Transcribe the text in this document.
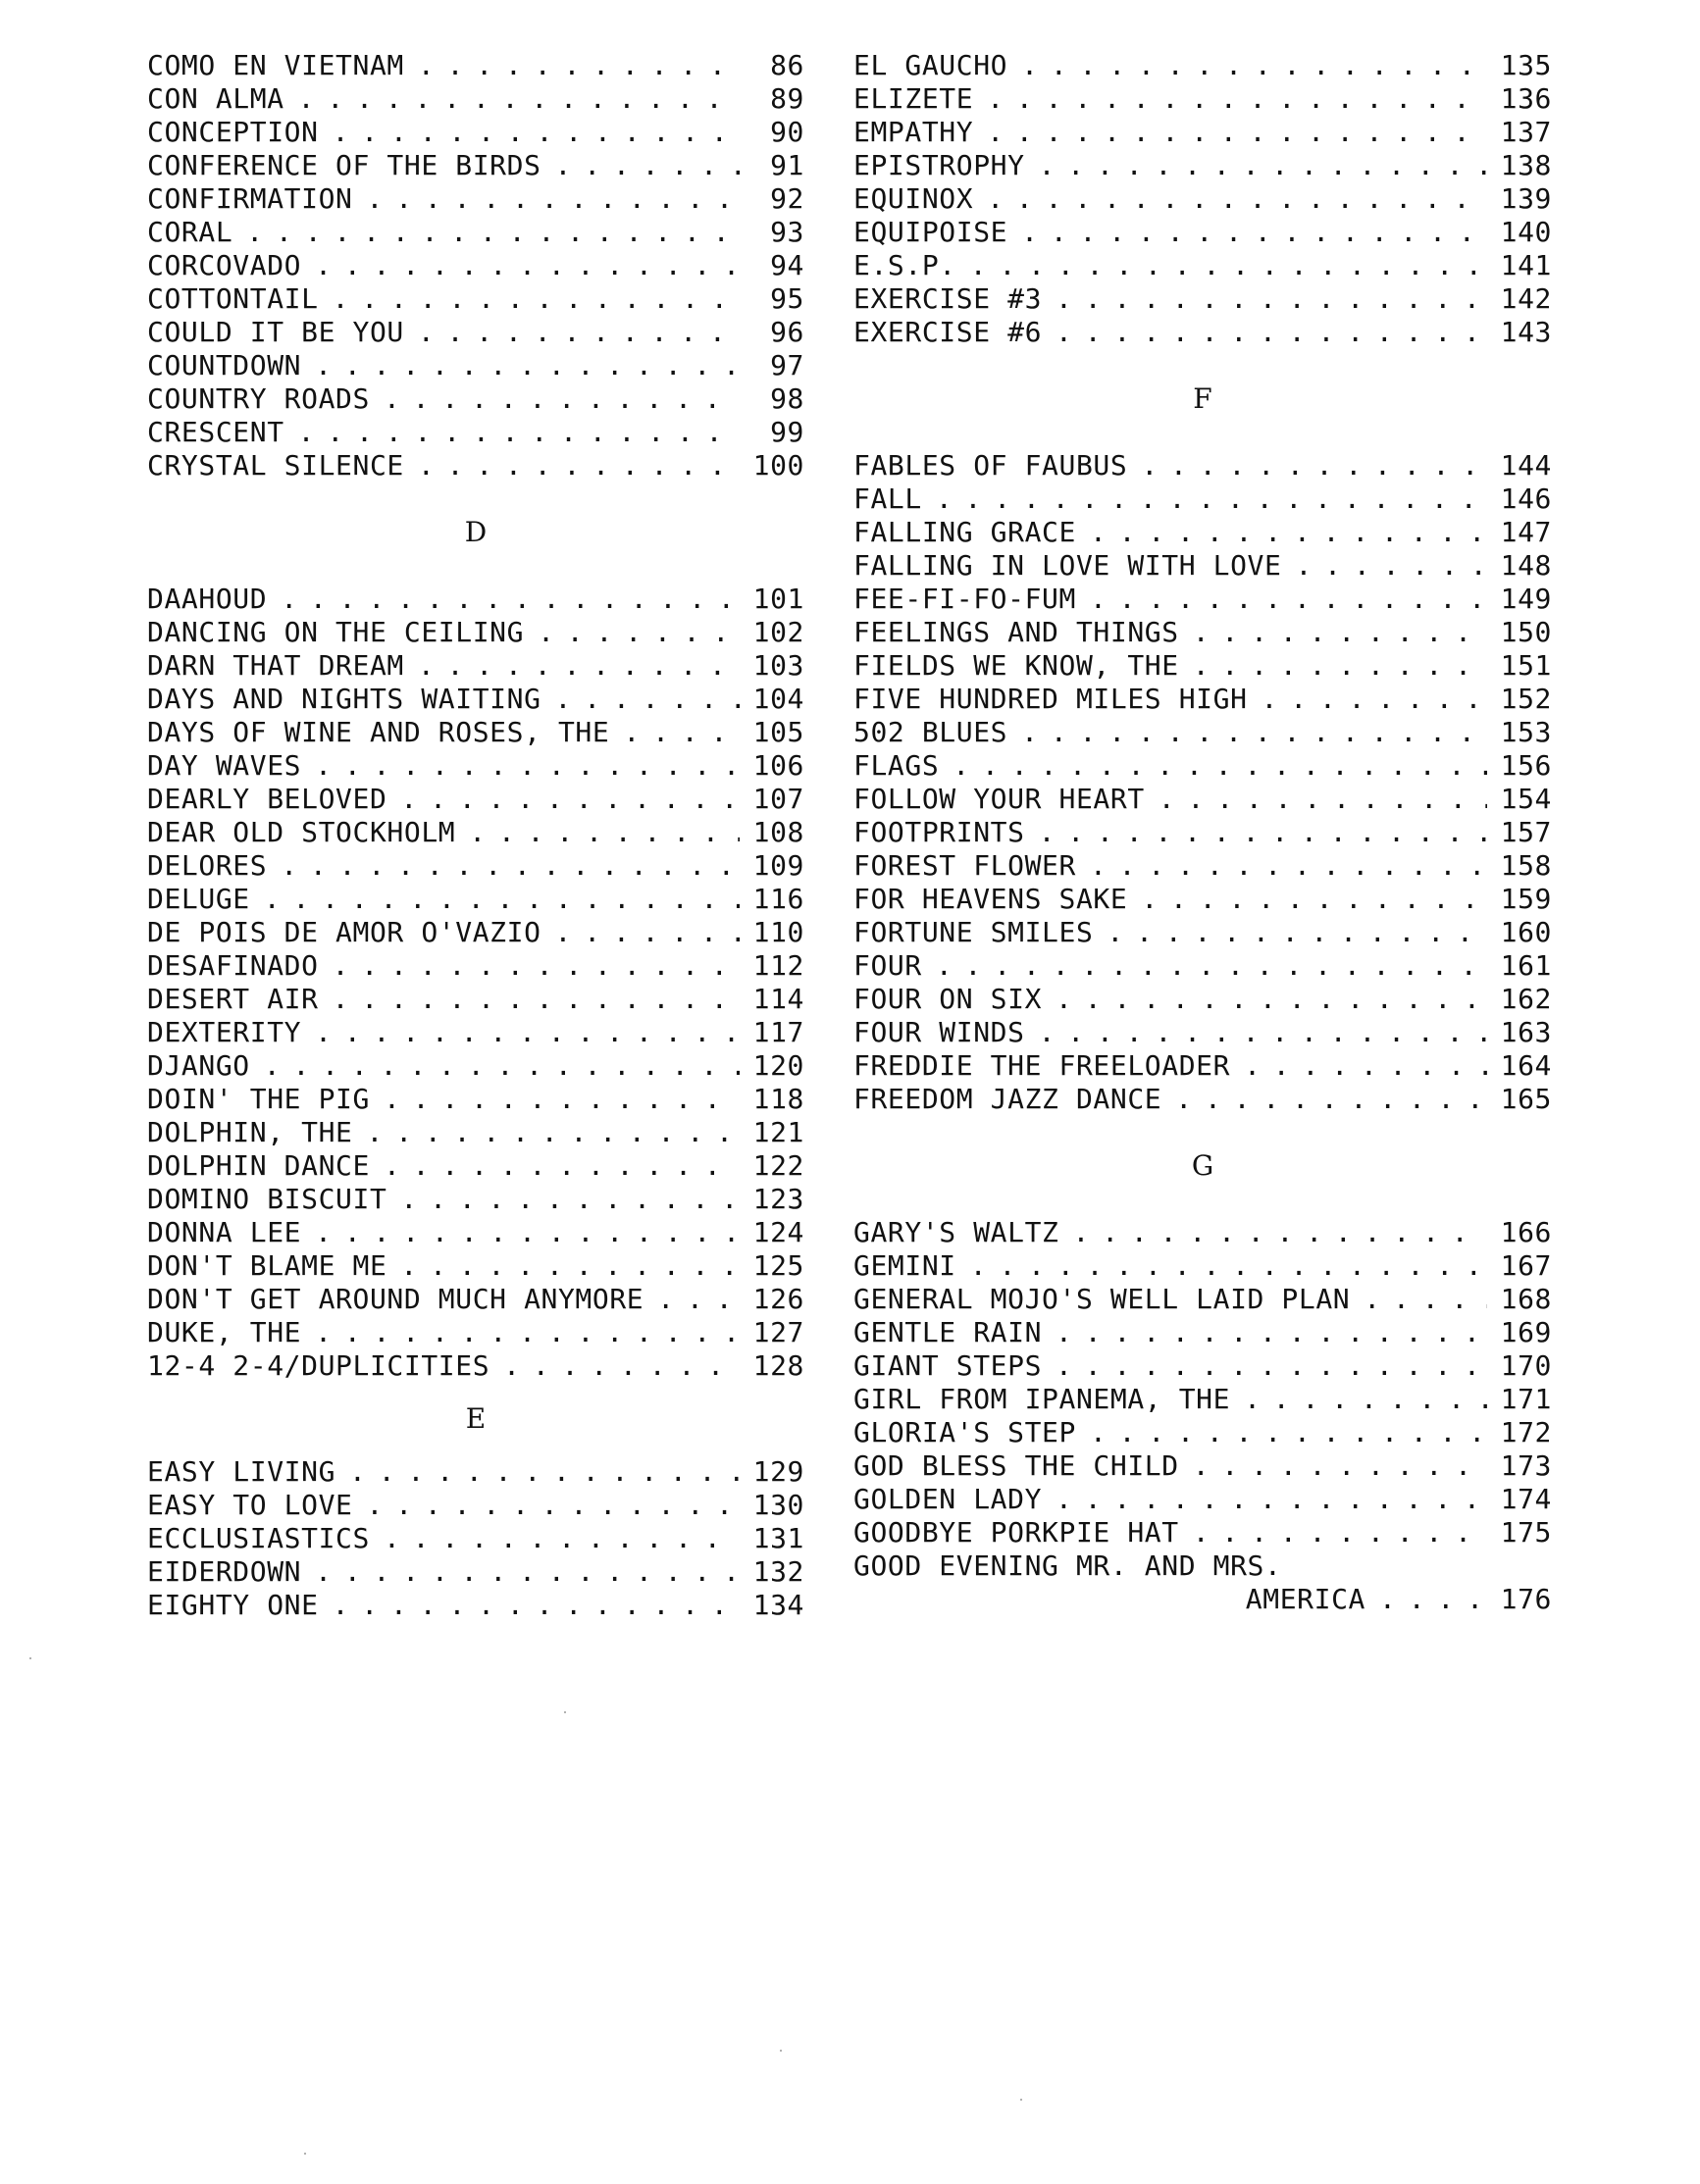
COMO EN VIETNAM . . .	86
CON ALMA . . .	89
CONCEPTION . . .	90
CONFERENCE OF THE BIRDS . . .	91
CONFIRMATION . . .	92
CORAL . . .	93
CORCOVADO . . .	94
COTTONTAIL . . .	95
COULD IT BE YOU . . .	96
COUNTDOWN . . .	97
COUNTRY ROADS . . .	98
CRESCENT . . .	99
CRYSTAL SILENCE . . .	100
D
DAAHOUD . . .	101
DANCING ON THE CEILING . . .	102
DARN THAT DREAM . . .	103
DAYS AND NIGHTS WAITING . . .	104
DAYS OF WINE AND ROSES, THE . . .	105
DAY WAVES . . .	106
DEARLY BELOVED . . .	107
DEAR OLD STOCKHOLM . . .	108
DELORES . . .	109
DELUGE . . .	116
DE POIS DE AMOR O'VAZIO . . .	110
DESAFINADO . . .	112
DESERT AIR . . .	114
DEXTERITY . . .	117
DJANGO . . .	120
DOIN' THE PIG . . .	118
DOLPHIN, THE . . .	121
DOLPHIN DANCE . . .	122
DOMINO BISCUIT . . .	123
DONNA LEE . . .	124
DON'T BLAME ME . . .	125
DON'T GET AROUND MUCH ANYMORE . . .	126
DUKE, THE . . .	127
12-4 2-4/DUPLICITIES . . .	128
E
EASY LIVING . . .	129
EASY TO LOVE . . .	130
ECCLUSIASTICS . . .	131
EIDERDOWN . . .	132
EIGHTY ONE . . .	134
EL GAUCHO . . .	135
ELIZETE . . .	136
EMPATHY . . .	137
EPISTROPHY . . .	138
EQUINOX . . .	139
EQUIPOISE . . .	140
E.S.P. . . .	141
EXERCISE #3 . . .	142
EXERCISE #6 . . .	143
F
FABLES OF FAUBUS . . .	144
FALL . . .	146
FALLING GRACE . . .	147
FALLING IN LOVE WITH LOVE . . .	148
FEE-FI-FO-FUM . . .	149
FEELINGS AND THINGS . . .	150
FIELDS WE KNOW, THE . . .	151
FIVE HUNDRED MILES HIGH . . .	152
502 BLUES . . .	153
FLAGS . . .	156
FOLLOW YOUR HEART . . .	154
FOOTPRINTS . . .	157
FOREST FLOWER . . .	158
FOR HEAVENS SAKE . . .	159
FORTUNE SMILES . . .	160
FOUR . . .	161
FOUR ON SIX . . .	162
FOUR WINDS . . .	163
FREDDIE THE FREELOADER . . .	164
FREEDOM JAZZ DANCE . . .	165
G
GARY'S WALTZ . . .	166
GEMINI . . .	167
GENERAL MOJO'S WELL LAID PLAN . . .	168
GENTLE RAIN . . .	169
GIANT STEPS . . .	170
GIRL FROM IPANEMA, THE . . .	171
GLORIA'S STEP . . .	172
GOD BLESS THE CHILD . . .	173
GOLDEN LADY . . .	174
GOODBYE PORKPIE HAT . . .	175
GOOD EVENING MR. AND MRS.
AMERICA . . .	176
